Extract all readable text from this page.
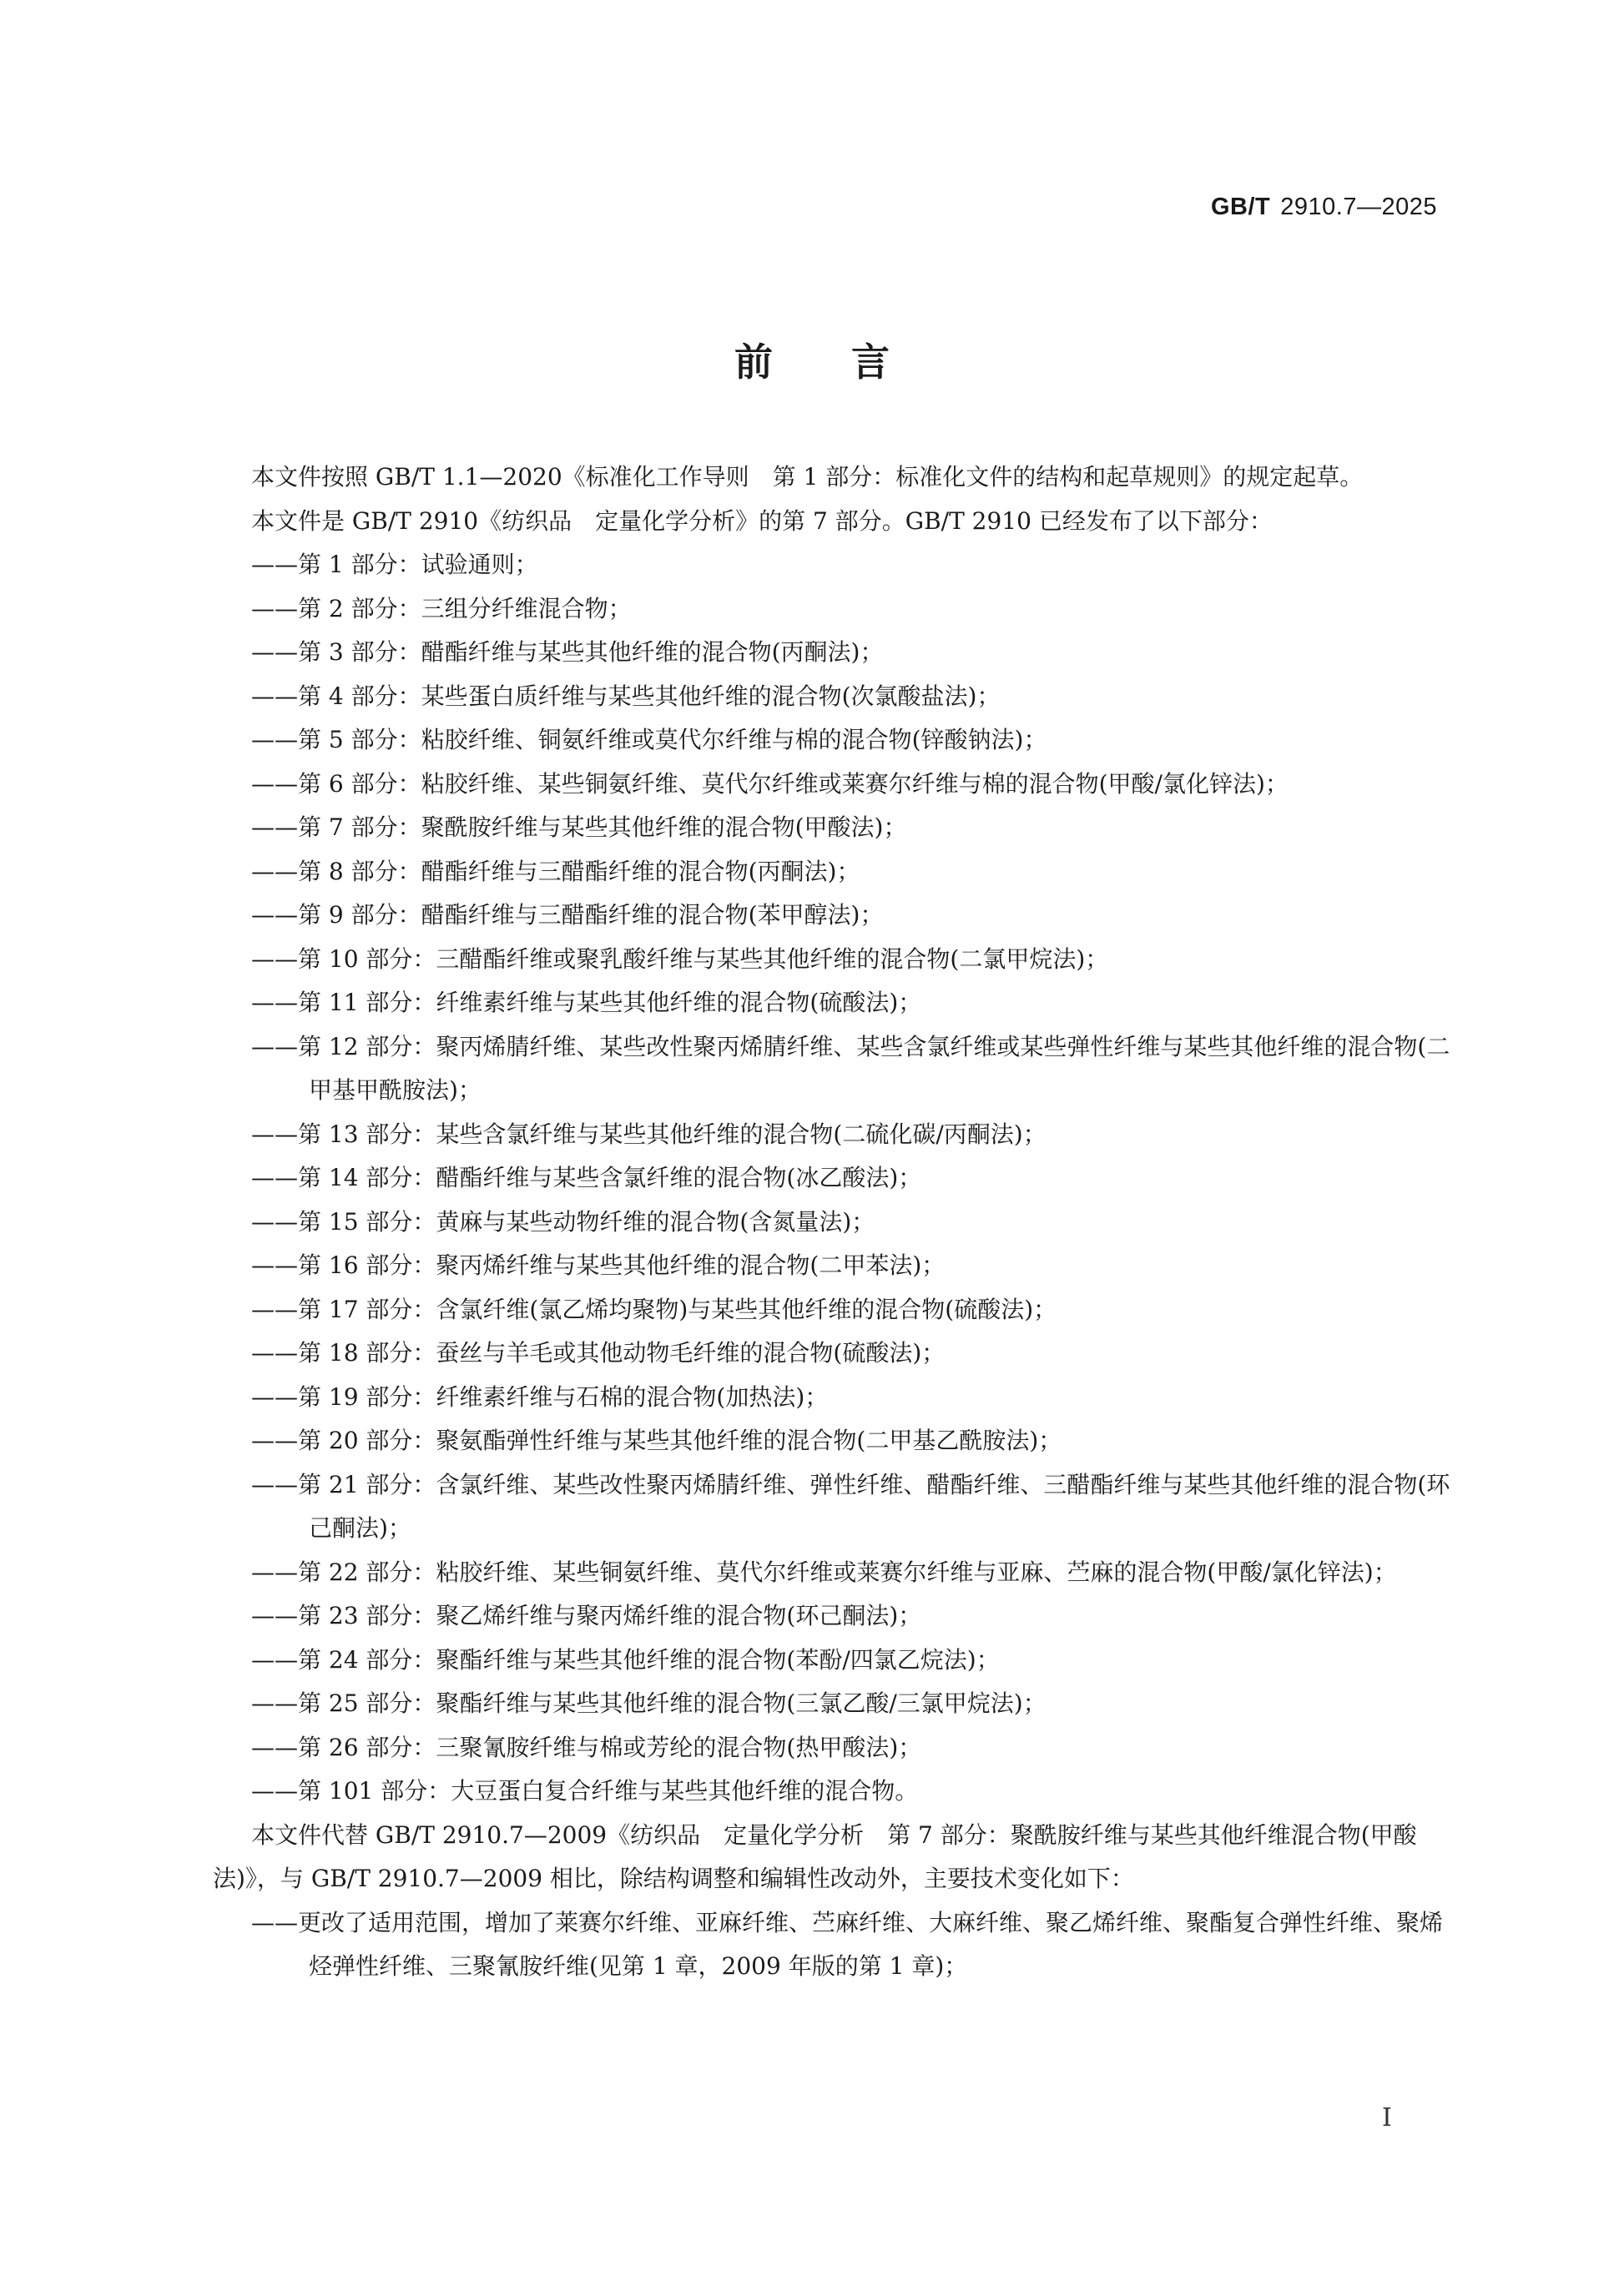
GB/T 2910.7—2025
前言

本文件按照 GB/T 1.1—2020《标准化工作导则　第 1 部分：标准化文件的结构和起草规则》的规定起草。

本文件是 GB/T 2910《纺织品　定量化学分析》的第 7 部分。GB/T 2910 已经发布了以下部分：

——第 1 部分：试验通则；

——第 2 部分：三组分纤维混合物；

——第 3 部分：醋酯纤维与某些其他纤维的混合物(丙酮法)；

——第 4 部分：某些蛋白质纤维与某些其他纤维的混合物(次氯酸盐法)；

——第 5 部分：粘胶纤维、铜氨纤维或莫代尔纤维与棉的混合物(锌酸钠法)；

——第 6 部分：粘胶纤维、某些铜氨纤维、莫代尔纤维或莱赛尔纤维与棉的混合物(甲酸/氯化锌法)；

——第 7 部分：聚酰胺纤维与某些其他纤维的混合物(甲酸法)；

——第 8 部分：醋酯纤维与三醋酯纤维的混合物(丙酮法)；

——第 9 部分：醋酯纤维与三醋酯纤维的混合物(苯甲醇法)；

——第 10 部分：三醋酯纤维或聚乳酸纤维与某些其他纤维的混合物(二氯甲烷法)；

——第 11 部分：纤维素纤维与某些其他纤维的混合物(硫酸法)；

——第 12 部分：聚丙烯腈纤维、某些改性聚丙烯腈纤维、某些含氯纤维或某些弹性纤维与某些其他纤维的混合物(二甲基甲酰胺法)；

——第 13 部分：某些含氯纤维与某些其他纤维的混合物(二硫化碳/丙酮法)；

——第 14 部分：醋酯纤维与某些含氯纤维的混合物(冰乙酸法)；

——第 15 部分：黄麻与某些动物纤维的混合物(含氮量法)；

——第 16 部分：聚丙烯纤维与某些其他纤维的混合物(二甲苯法)；

——第 17 部分：含氯纤维(氯乙烯均聚物)与某些其他纤维的混合物(硫酸法)；

——第 18 部分：蚕丝与羊毛或其他动物毛纤维的混合物(硫酸法)；

——第 19 部分：纤维素纤维与石棉的混合物(加热法)；

——第 20 部分：聚氨酯弹性纤维与某些其他纤维的混合物(二甲基乙酰胺法)；

——第 21 部分：含氯纤维、某些改性聚丙烯腈纤维、弹性纤维、醋酯纤维、三醋酯纤维与某些其他纤维的混合物(环己酮法)；

——第 22 部分：粘胶纤维、某些铜氨纤维、莫代尔纤维或莱赛尔纤维与亚麻、苎麻的混合物(甲酸/氯化锌法)；

——第 23 部分：聚乙烯纤维与聚丙烯纤维的混合物(环己酮法)；

——第 24 部分：聚酯纤维与某些其他纤维的混合物(苯酚/四氯乙烷法)；

——第 25 部分：聚酯纤维与某些其他纤维的混合物(三氯乙酸/三氯甲烷法)；

——第 26 部分：三聚氰胺纤维与棉或芳纶的混合物(热甲酸法)；

——第 101 部分：大豆蛋白复合纤维与某些其他纤维的混合物。

本文件代替 GB/T 2910.7—2009《纺织品　定量化学分析　第 7 部分：聚酰胺纤维与某些其他纤维混合物(甲酸法)》，与 GB/T 2910.7—2009 相比，除结构调整和编辑性改动外，主要技术变化如下：

——更改了适用范围，增加了莱赛尔纤维、亚麻纤维、苎麻纤维、大麻纤维、聚乙烯纤维、聚酯复合弹性纤维、聚烯烃弹性纤维、三聚氰胺纤维(见第 1 章，2009 年版的第 1 章)；

I
